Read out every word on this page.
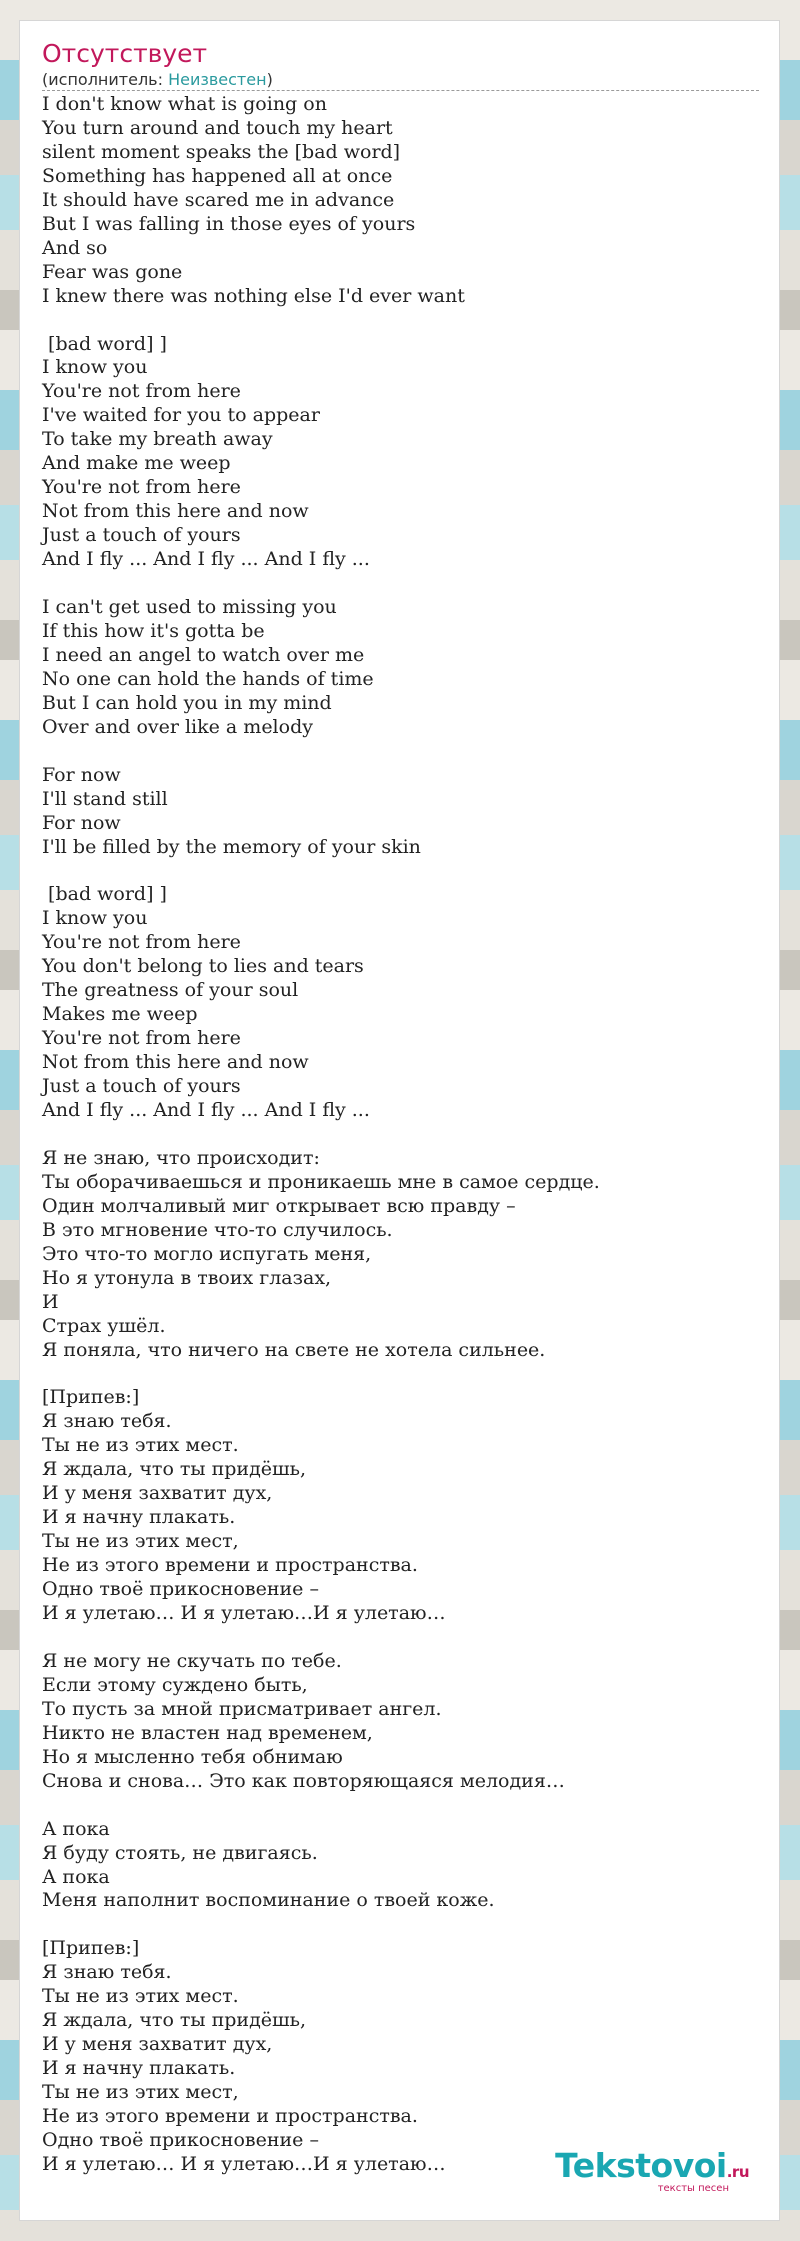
Отсутствует
(исполнитель: Неизвестен)
I don't know what is going on
You turn around and touch my heart
silent moment speaks the [bad word]
Something has happened all at once
It should have scared me in advance
But I was falling in those eyes of yours
And so
Fear was gone
I knew there was nothing else I'd ever want

[bad word] ]
I know you
You're not from here
I've waited for you to appear
To take my breath away
And make me weep
You're not from here
Not from this here and now
Just a touch of yours
And I fly ... And I fly ... And I fly ...

I can't get used to missing you
If this how it's gotta be
I need an angel to watch over me
No one can hold the hands of time
But I can hold you in my mind
Over and over like a melody

For now
I'll stand still
For now
I'll be filled by the memory of your skin

[bad word] ]
I know you
You're not from here
You don't belong to lies and tears
The greatness of your soul
Makes me weep
You're not from here
Not from this here and now
Just a touch of yours
And I fly ... And I fly ... And I fly ...

Я не знаю, что происходит:
Ты оборачиваешься и проникаешь мне в самое сердце.
Один молчаливый миг открывает всю правду –
В это мгновение что-то случилось.
Это что-то могло испугать меня,
Но я утонула в твоих глазах,
И
Страх ушёл.
Я поняла, что ничего на свете не хотела сильнее.

[Припев:]
Я знаю тебя.
Ты не из этих мест.
Я ждала, что ты придёшь,
И у меня захватит дух,
И я начну плакать.
Ты не из этих мест,
Не из этого времени и пространства.
Одно твоё прикосновение –
И я улетаю… И я улетаю…И я улетаю…

Я не могу не скучать по тебе.
Если этому суждено быть,
То пусть за мной присматривает ангел.
Никто не властен над временем,
Но я мысленно тебя обнимаю
Снова и снова… Это как повторяющаяся мелодия…

А пока
Я буду стоять, не двигаясь.
А пока
Меня наполнит воспоминание о твоей коже.

[Припев:]
Я знаю тебя.
Ты не из этих мест.
Я ждала, что ты придёшь,
И у меня захватит дух,
И я начну плакать.
Ты не из этих мест,
Не из этого времени и пространства.
Одно твоё прикосновение –
И я улетаю… И я улетаю…И я улетаю…	Tekstovoi.ru
тексты песен
